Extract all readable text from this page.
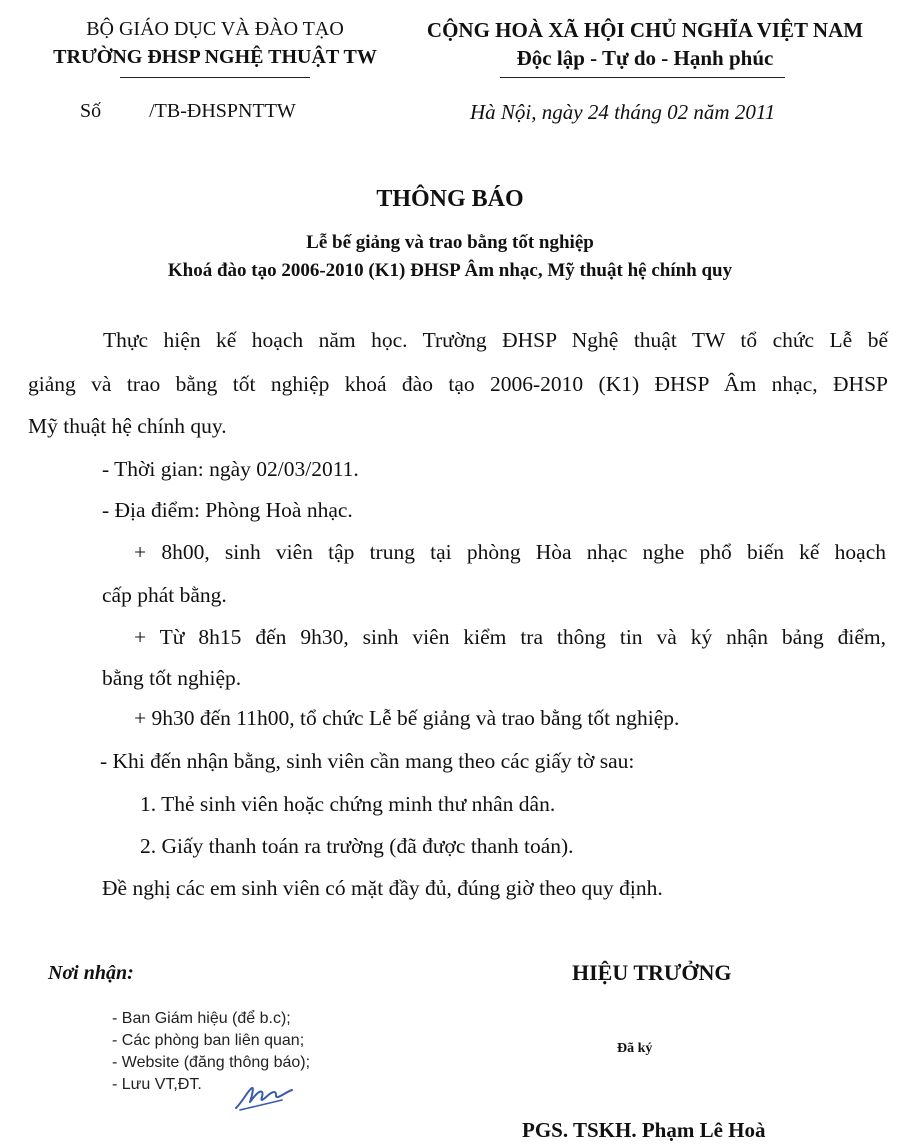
BỘ GIÁO DỤC VÀ ĐÀO TẠO
TRƯỜNG ĐHSP NGHỆ THUẬT TW
CỘNG HOÀ XÃ HỘI CHỦ NGHĨA VIỆT NAM
Độc lập - Tự do - Hạnh phúc
Số /TB-ĐHSPNTTW	Hà Nội, ngày 24 tháng 02 năm 2011
THÔNG BÁO
Lễ bế giảng và trao bằng tốt nghiệp
Khoá đào tạo 2006-2010 (K1) ĐHSP Âm nhạc, Mỹ thuật hệ chính quy
Thực hiện kế hoạch năm học. Trường ĐHSP Nghệ thuật TW tổ chức Lễ bế
giảng và trao bằng tốt nghiệp khoá đào tạo 2006-2010 (K1) ĐHSP Âm nhạc, ĐHSP
Mỹ thuật hệ chính quy.
- Thời gian: ngày 02/03/2011.
- Địa điểm: Phòng Hoà nhạc.
+ 8h00, sinh viên tập trung tại phòng Hòa nhạc nghe phổ biến kế hoạch
cấp phát bằng.
+ Từ 8h15 đến 9h30, sinh viên kiểm tra thông tin và ký nhận bảng điểm,
bằng tốt nghiệp.
+ 9h30 đến 11h00, tổ chức Lễ bế giảng và trao bằng tốt nghiệp.
- Khi đến nhận bằng, sinh viên cần mang theo các giấy tờ sau:
1. Thẻ sinh viên hoặc chứng minh thư nhân dân.
2. Giấy thanh toán ra trường (đã được thanh toán).
Đề nghị các em sinh viên có mặt đầy đủ, đúng giờ theo quy định.
Nơi nhận:
- Ban Giám hiệu (để b.c);
- Các phòng ban liên quan;
- Website (đăng thông báo);
- Lưu VT,ĐT.
HIỆU TRƯỞNG
Đã ký
PGS. TSKH. Phạm Lê Hoà
